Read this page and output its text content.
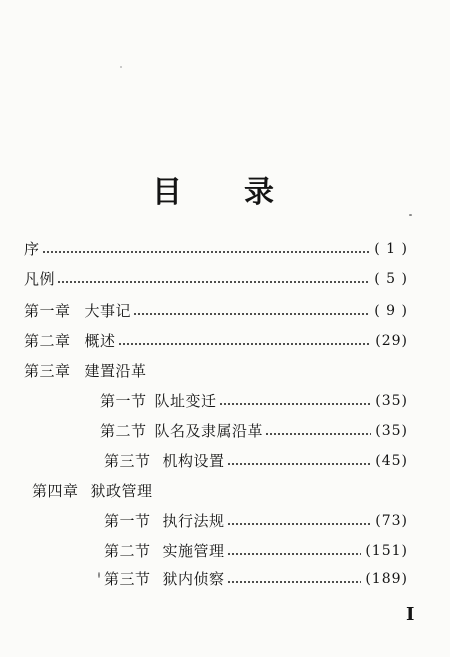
目 录
序	( 1 )
凡例	( 5 )
第一章 大事记	( 9 )
第二章 概述	(29)
第三章 建置沿革
第一节 队址变迁	(35)
第二节 队名及隶属沿革	(35)
第三节 机构设置	(45)
第四章 狱政管理
第一节 执行法规	(73)
第二节 实施管理	(151)
第三节 狱内侦察	(189)
I
